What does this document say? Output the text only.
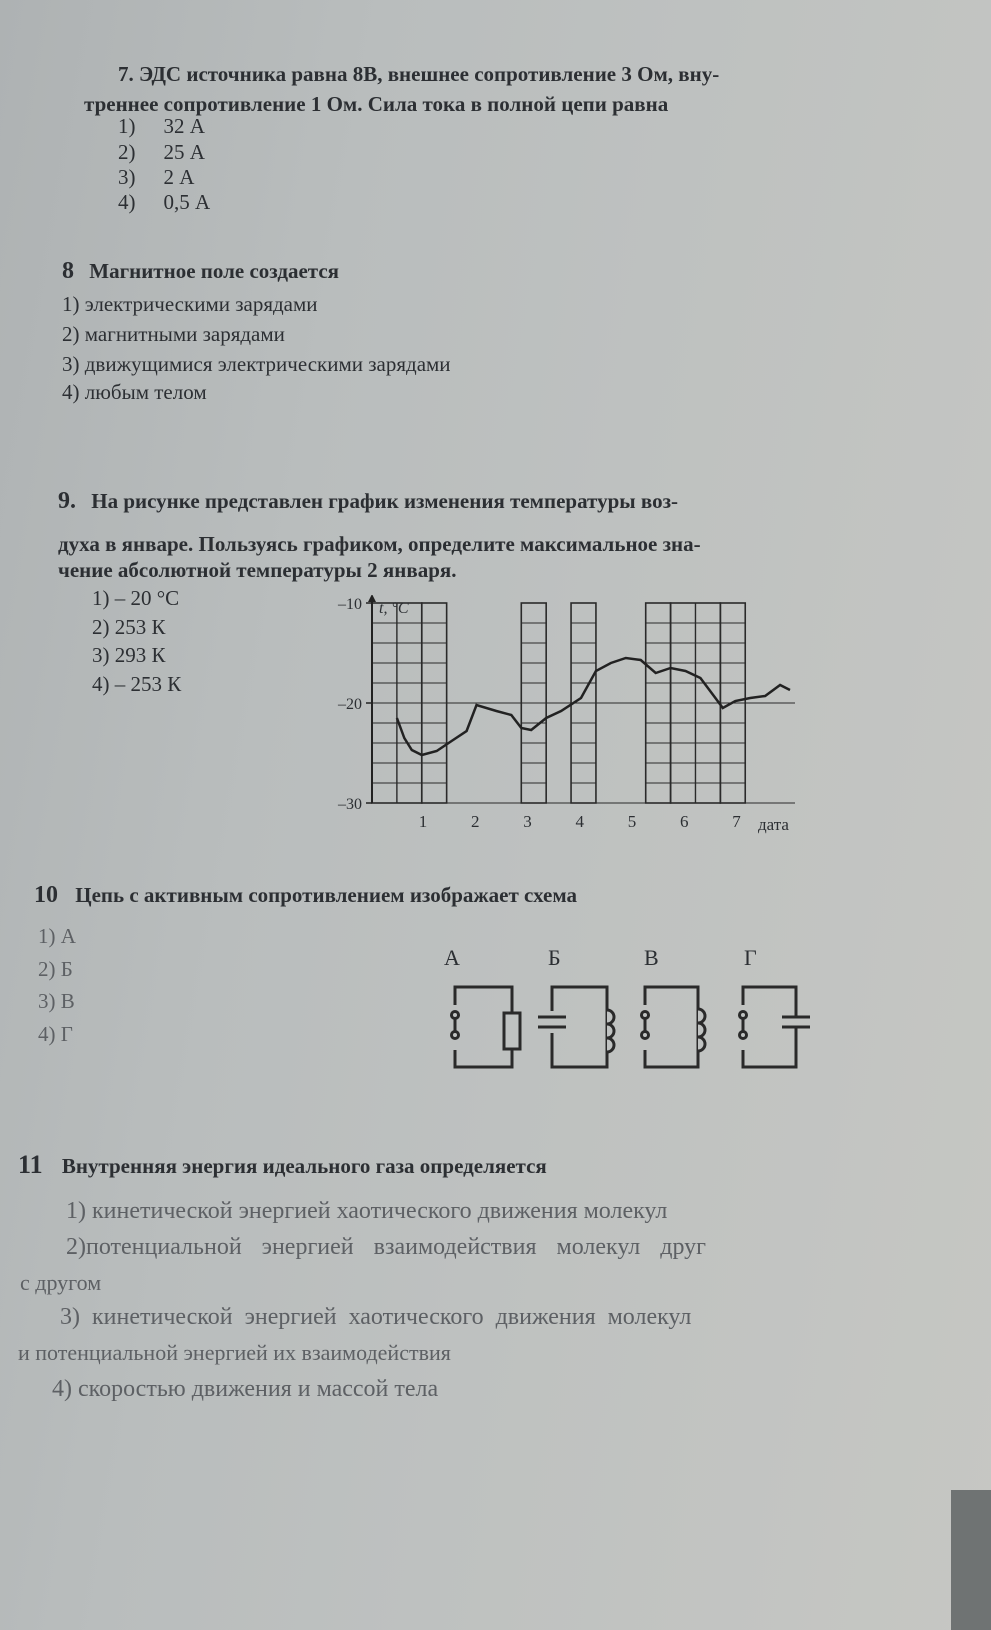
7. ЭДС источника равна 8В, внешнее сопротивление 3 Ом, вну-
треннее сопротивление 1 Ом. Сила тока в полной цепи равна
1) 32 А
2) 25 А
3) 2 А
4) 0,5 А
8 Магнитное поле создается
1) электрическими зарядами
2) магнитными зарядами
3) движущимися электрическими зарядами
4) любым телом
9. На рисунке представлен график изменения температуры воз-
духа в январе. Пользуясь графиком, определите максимальное зна-
чение абсолютной температуры 2 января.
1) – 20 °С
2) 253 К
3) 293 К
4) – 253 К
–10
–20
–30
1	2	3	4	5	6	7
t, °С
дата
10 Цепь с активным сопротивлением изображает схема
1) А
2) Б
3) В
4) Г
А	Б	В	Г
11 Внутренняя энергия идеального газа определяется
1) кинетической энергией хаотического движения молекул
2)потенциальной энергией взаимодействия молекул друг
с другом
3) кинетической энергией хаотического движения молекул
и потенциальной энергией их взаимодействия
4) скоростью движения и массой тела
